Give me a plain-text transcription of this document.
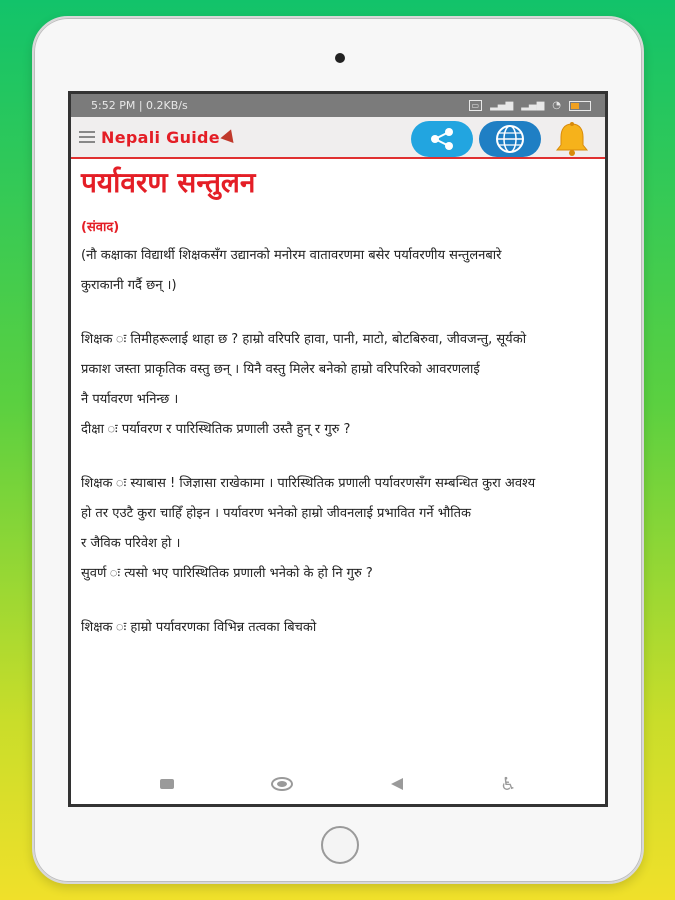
5:52 PM | 0.2KB/s	▭	▂▄▆ ▂▄▆ ◔
Nepali Guide
पर्यावरण सन्तुलन
(संवाद)
(नौ कक्षाका विद्यार्थी शिक्षकसँग उद्यानको मनोरम वातावरणमा बसेर पर्यावरणीय सन्तुलनबारे
कुराकानी गर्दै छन् ।)
शिक्षक ः तिमीहरूलाई थाहा छ ? हाम्रो वरिपरि हावा, पानी, माटो, बोटबिरुवा, जीवजन्तु, सूर्यको
प्रकाश जस्ता प्राकृतिक वस्तु छन् । यिनै वस्तु मिलेर बनेको हाम्रो वरिपरिको आवरणलाई
नै पर्यावरण भनिन्छ ।
दीक्षा ः पर्यावरण र पारिस्थितिक प्रणाली उस्तै हुन् र गुरु ?
शिक्षक ः स्याबास ! जिज्ञासा राखेकामा । पारिस्थितिक प्रणाली पर्यावरणसँग सम्बन्धित कुरा अवश्य
हो तर एउटै कुरा चाहिँ होइन । पर्यावरण भनेको हाम्रो जीवनलाई प्रभावित गर्ने भौतिक
र जैविक परिवेश हो ।
सुवर्ण ः त्यसो भए पारिस्थितिक प्रणाली भनेको के हो नि गुरु ?
शिक्षक ः हाम्रो पर्यावरणका विभिन्न तत्वका बिचको
♿
